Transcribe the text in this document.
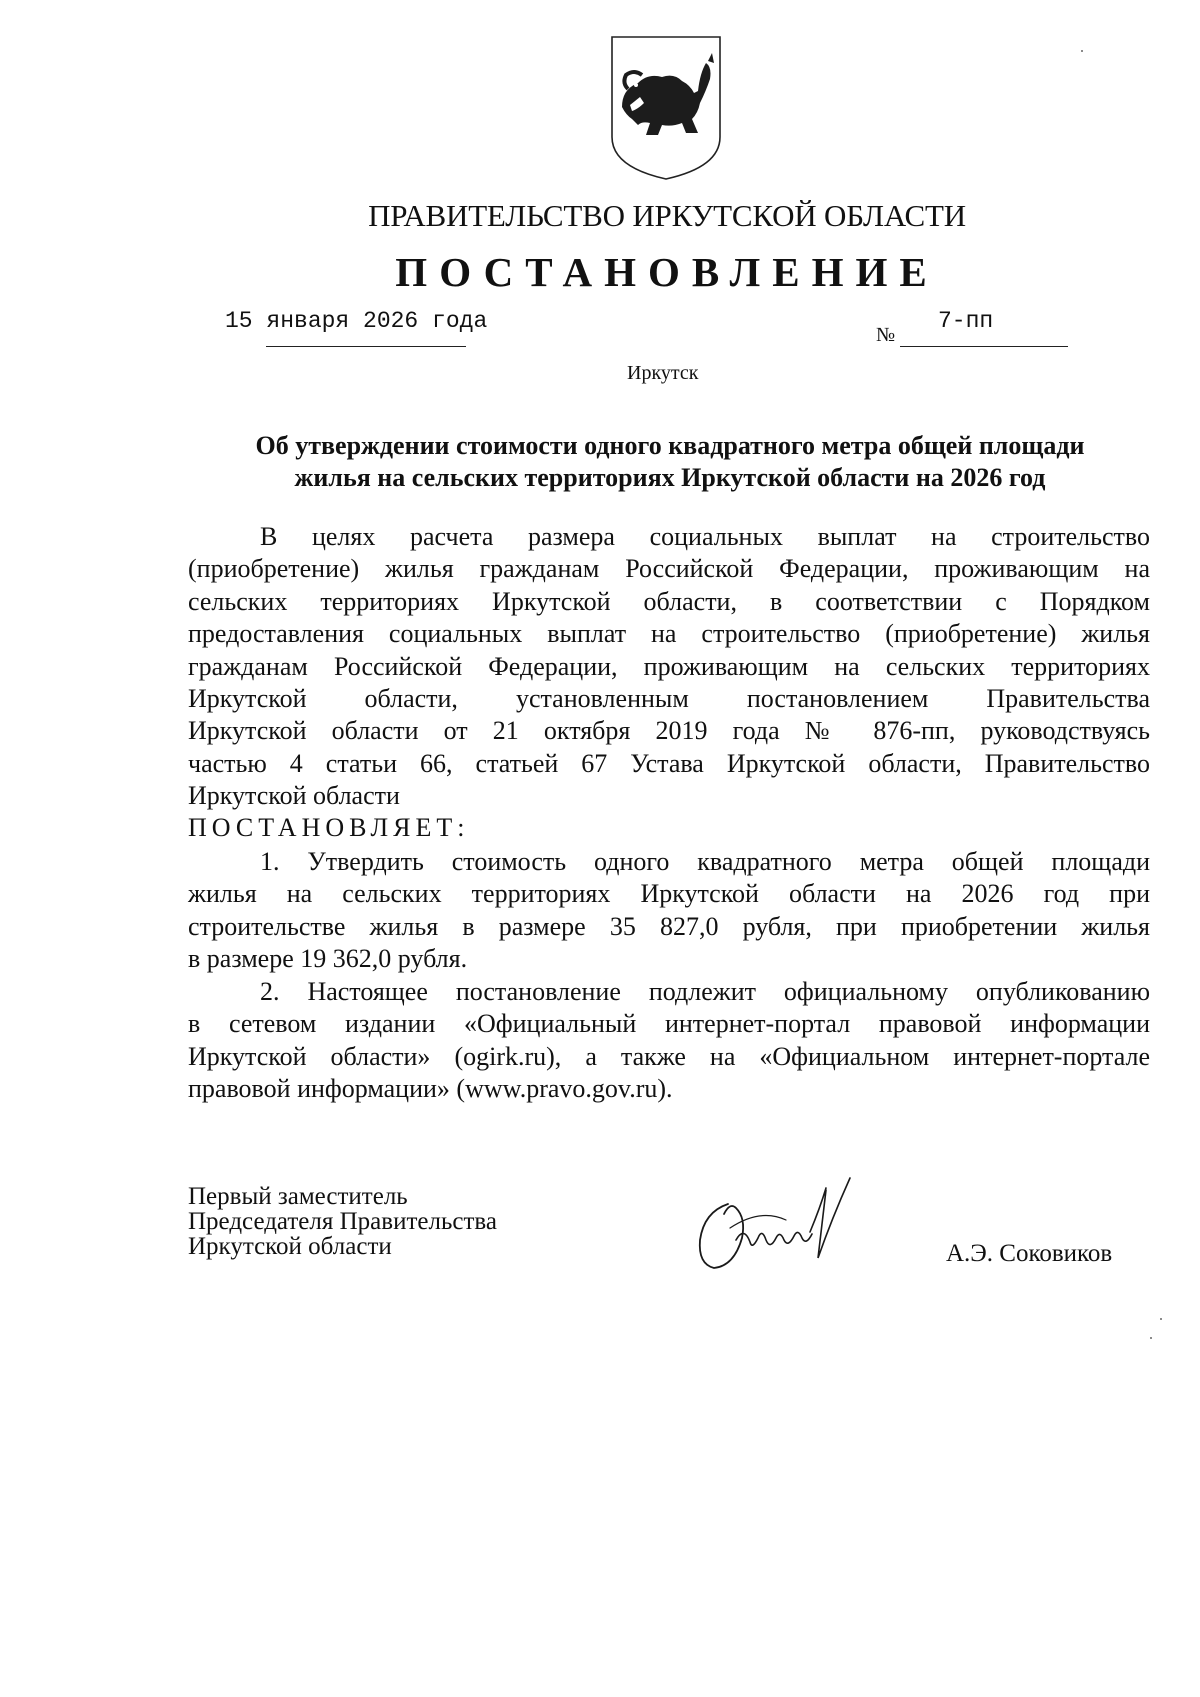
ПРАВИТЕЛЬСТВО ИРКУТСКОЙ ОБЛАСТИ
ПОСТАНОВЛЕНИЕ
15 января 2026 года
№
7-пп
Иркутск
Об утверждении стоимости одного квадратного метра общей площади
жилья на сельских территориях Иркутской области на 2026 год
В целях расчета размера социальных выплат на строительство
(приобретение) жилья гражданам Российской Федерации, проживающим на
сельских территориях Иркутской области, в соответствии с Порядком
предоставления социальных выплат на строительство (приобретение) жилья
гражданам Российской Федерации, проживающим на сельских территориях
Иркутской области, установленным постановлением Правительства
Иркутской области от 21 октября 2019 года № 876-пп, руководствуясь
частью 4 статьи 66, статьей 67 Устава Иркутской области, Правительство
Иркутской области
ПОСТАНОВЛЯЕТ:
1. Утвердить стоимость одного квадратного метра общей площади
жилья на сельских территориях Иркутской области на 2026 год при
строительстве жилья в размере 35 827,0 рубля, при приобретении жилья
в размере 19 362,0 рубля.
2. Настоящее постановление подлежит официальному опубликованию
в сетевом издании «Официальный интернет-портал правовой информации
Иркутской области» (ogirk.ru), а также на «Официальном интернет-портале
правовой информации» (www.pravo.gov.ru).
Первый заместитель
Председателя Правительства
Иркутской области	А.Э. Соковиков
